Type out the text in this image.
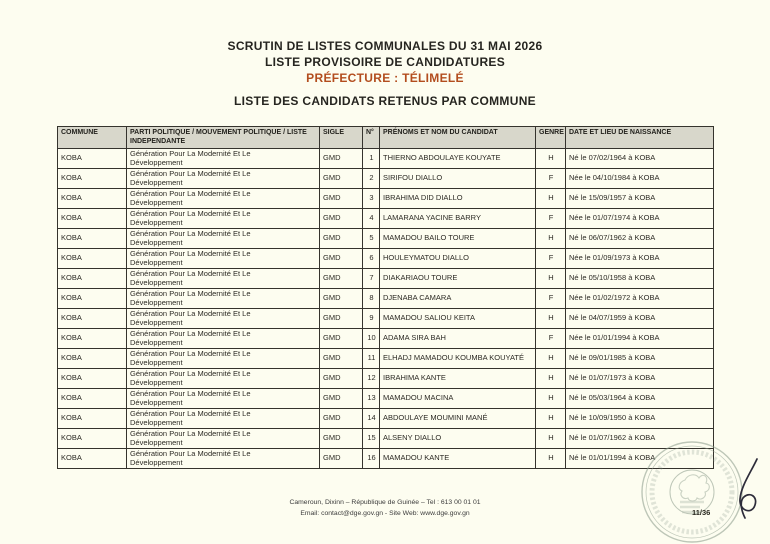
SCRUTIN DE LISTES COMMUNALES DU 31 MAI 2026
LISTE PROVISOIRE DE CANDIDATURES
PRÉFECTURE : TÉLIMELÉ
LISTE DES CANDIDATS RETENUS PAR COMMUNE
COMMUNE	PARTI POLITIQUE / MOUVEMENT POLITIQUE / LISTE INDEPENDANTE	SIGLE	N°	PRÉNOMS ET NOM DU CANDIDAT	GENRE	DATE ET LIEU DE NAISSANCE
KOBA	Génération Pour La Modernité Et Le Développement	GMD	1	THIERNO ABDOULAYE KOUYATE	H	Né le 07/02/1964 à KOBA
KOBA	Génération Pour La Modernité Et Le Développement	GMD	2	SIRIFOU DIALLO	F	Née le 04/10/1984 à KOBA
KOBA	Génération Pour La Modernité Et Le Développement	GMD	3	IBRAHIMA DID DIALLO	H	Né le 15/09/1957 à KOBA
KOBA	Génération Pour La Modernité Et Le Développement	GMD	4	LAMARANA YACINE BARRY	F	Née le 01/07/1974 à KOBA
KOBA	Génération Pour La Modernité Et Le Développement	GMD	5	MAMADOU BAILO TOURE	H	Né le 06/07/1962 à KOBA
KOBA	Génération Pour La Modernité Et Le Développement	GMD	6	HOULEYMATOU DIALLO	F	Née le 01/09/1973 à KOBA
KOBA	Génération Pour La Modernité Et Le Développement	GMD	7	DIAKARIAOU TOURE	H	Né le 05/10/1958 à KOBA
KOBA	Génération Pour La Modernité Et Le Développement	GMD	8	DJENABA CAMARA	F	Née le 01/02/1972 à KOBA
KOBA	Génération Pour La Modernité Et Le Développement	GMD	9	MAMADOU SALIOU KEITA	H	Né le 04/07/1959 à KOBA
KOBA	Génération Pour La Modernité Et Le Développement	GMD	10	ADAMA SIRA BAH	F	Née le 01/01/1994 à KOBA
KOBA	Génération Pour La Modernité Et Le Développement	GMD	11	ELHADJ MAMADOU KOUMBA KOUYATÉ	H	Né le 09/01/1985 à KOBA
KOBA	Génération Pour La Modernité Et Le Développement	GMD	12	IBRAHIMA KANTE	H	Né le 01/07/1973 à KOBA
KOBA	Génération Pour La Modernité Et Le Développement	GMD	13	MAMADOU MACINA	H	Né le 05/03/1964 à KOBA
KOBA	Génération Pour La Modernité Et Le Développement	GMD	14	ABDOULAYE MOUMINI MANÉ	H	Né le 10/09/1950 à KOBA
KOBA	Génération Pour La Modernité Et Le Développement	GMD	15	ALSENY DIALLO	H	Né le 01/07/1962 à KOBA
KOBA	Génération Pour La Modernité Et Le Développement	GMD	16	MAMADOU KANTE	H	Né le 01/01/1994 à KOBA
11/36
Cameroun, Dixinn – République de Guinée – Tel : 613 00 01 01
Email: contact@dge.gov.gn - Site Web: www.dge.gov.gn
